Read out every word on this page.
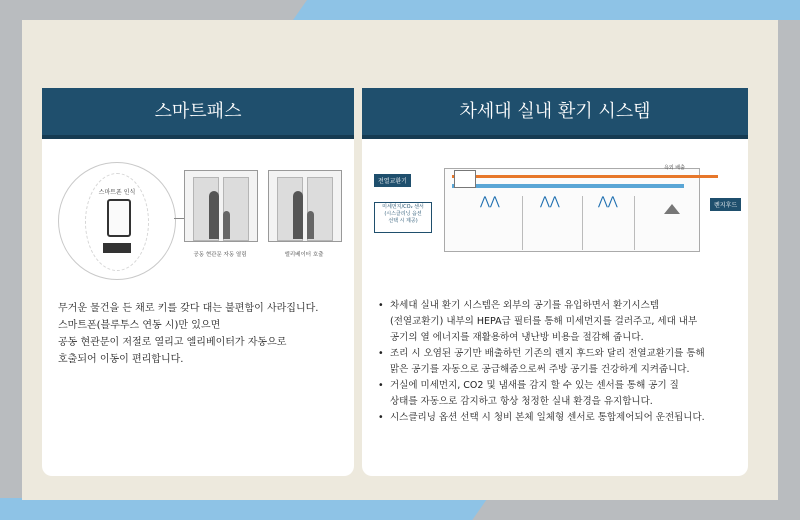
스마트패스
스마트폰 인식
공동 현관문 자동 열림	엘리베이터 호출
무거운 물건을 든 채로 키를 갖다 대는 불편함이 사라집니다.
스마트폰(블루투스 연동 시)만 있으면
공동 현관문이 저절로 열리고 엘리베이터가 자동으로
호출되어 이동이 편리합니다.
차세대 실내 환기 시스템
⋀⋀	⋀⋀	⋀⋀
욕외 배출
전열교환기
렌지후드
미세먼지/CO₂ 센서
(시스클리닝 옵션
선택 시 제공)
• 차세대 실내 환기 시스템은 외부의 공기를 유입하면서 환기시스템
(전열교환기) 내부의 HEPA급 필터를 통해 미세먼지를 걸러주고, 세대 내부
공기의 열 에너지를 재활용하여 냉난방 비용을 절감해 줍니다.
• 조리 시 오염된 공기만 배출하던 기존의 렌지 후드와 달리 전열교환기를 통해
맑은 공기를 자동으로 공급해줌으로써 주방 공기를 건강하게 지켜줍니다.
• 거실에 미세먼지, CO2 및 냄새를 감지 할 수 있는 센서를 통해 공기 질
상태를 자동으로 감지하고 항상 청정한 실내 환경을 유지합니다.
• 시스클리닝 옵션 선택 시 청비 본체 일체형 센서로 통합제어되어 운전됩니다.
